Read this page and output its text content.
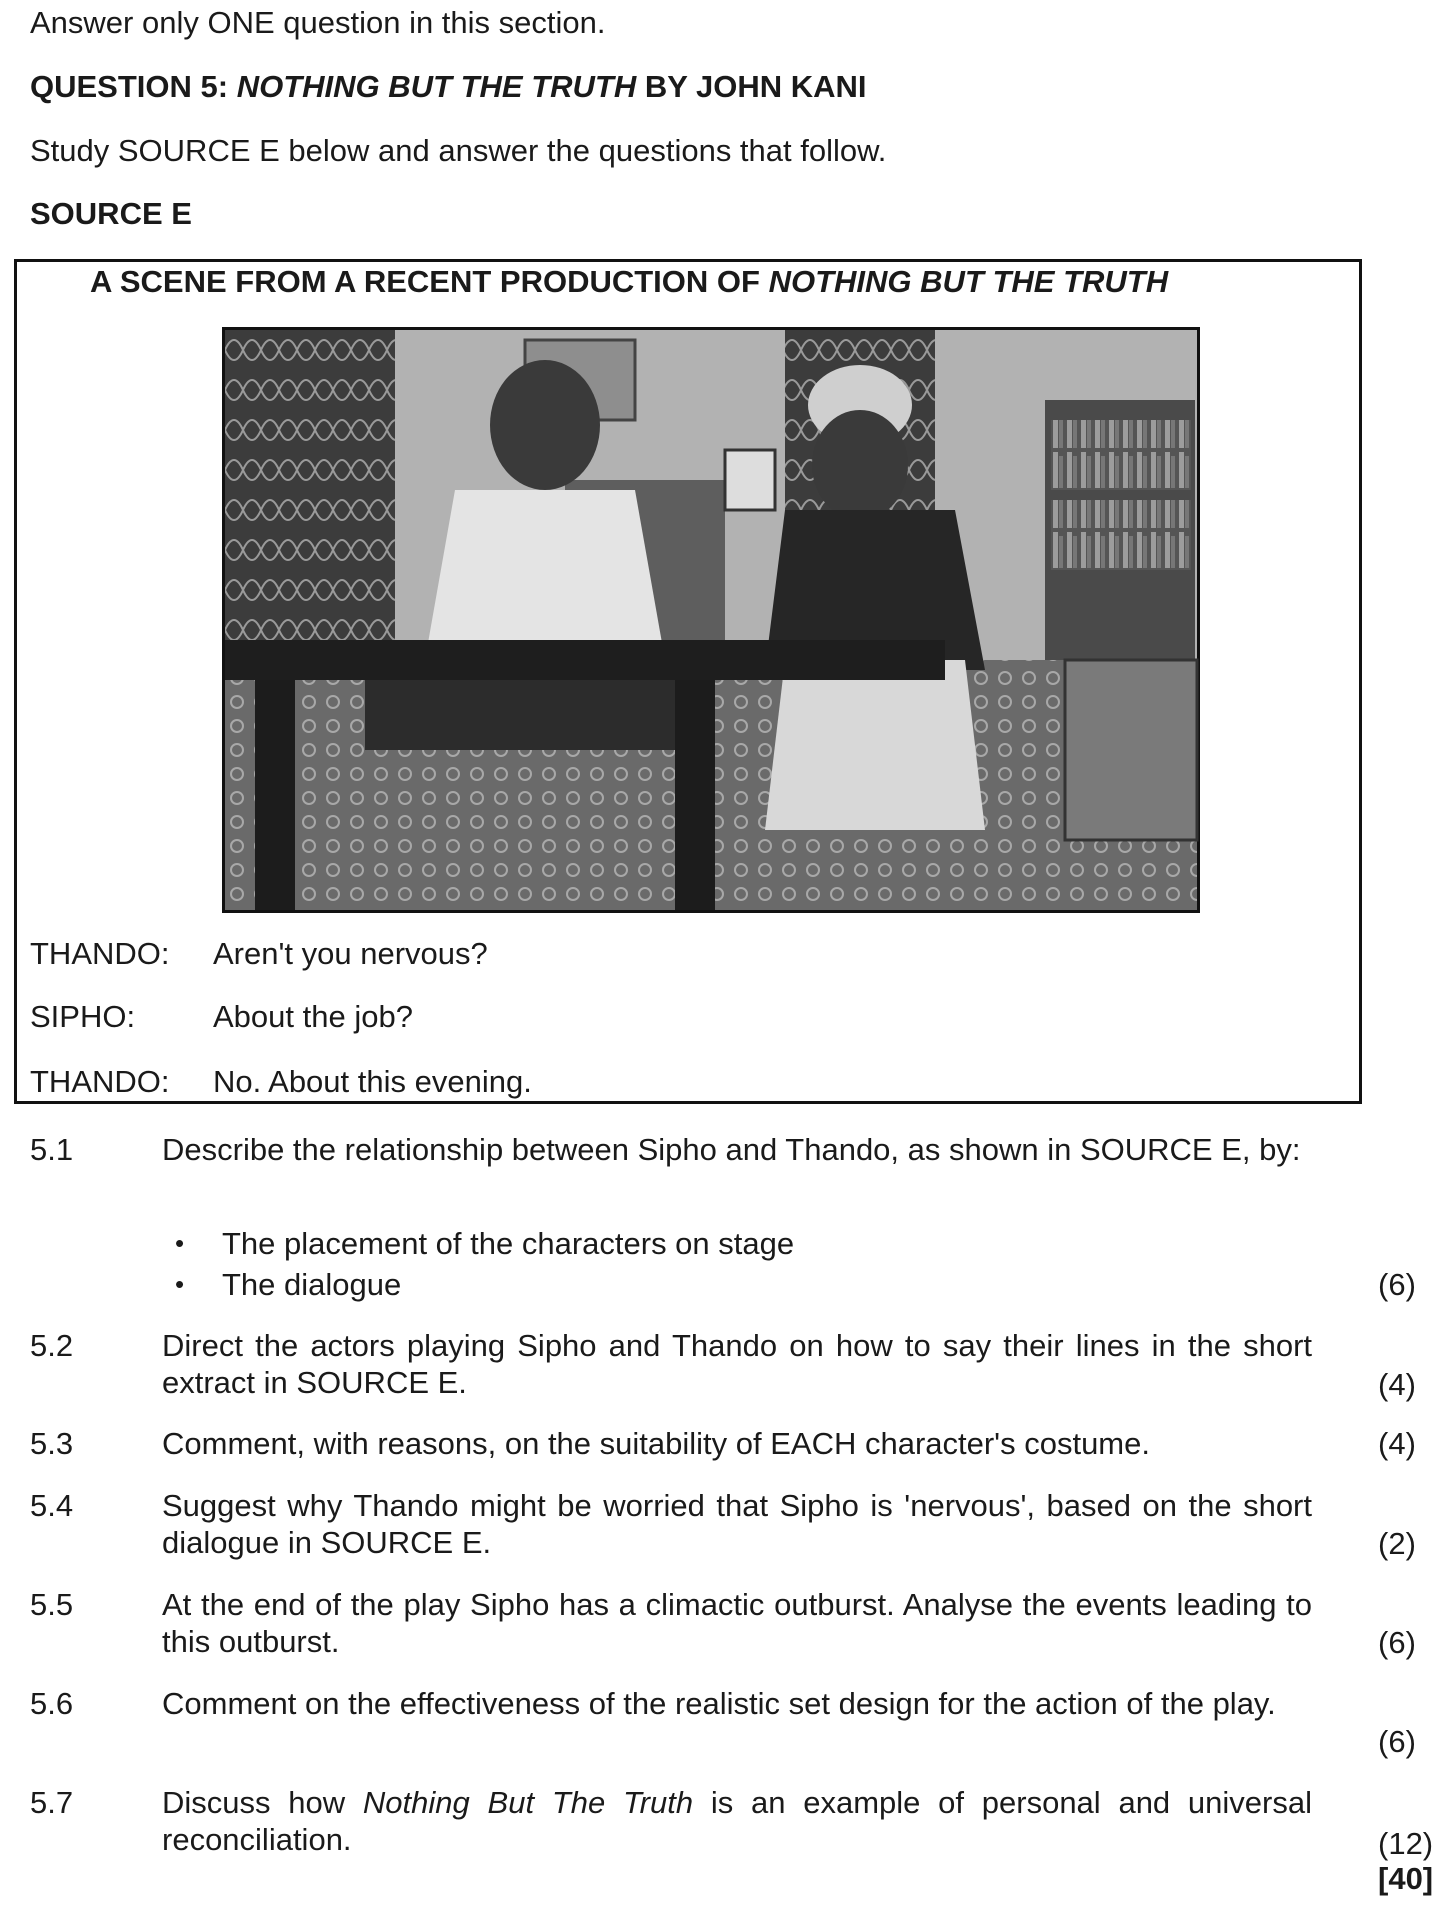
Answer only ONE question in this section.
QUESTION 5: NOTHING BUT THE TRUTH BY JOHN KANI
Study SOURCE E below and answer the questions that follow.
SOURCE E
A SCENE FROM A RECENT PRODUCTION OF NOTHING BUT THE TRUTH
THANDO: Aren't you nervous?
SIPHO:	About the job?
THANDO: No. About this evening.
5.1	Describe the relationship between Sipho and Thando, as shown in SOURCE E, by:
• The placement of the characters on stage
• The dialogue	(6)
5.2	Direct the actors playing Sipho and Thando on how to say their lines in the short extract in SOURCE E.	(4)
5.3	Comment, with reasons, on the suitability of EACH character's costume.	(4)
5.4	Suggest why Thando might be worried that Sipho is 'nervous', based on the short dialogue in SOURCE E.	(2)
5.5	At the end of the play Sipho has a climactic outburst. Analyse the events leading to this outburst.	(6)
5.6	Comment on the effectiveness of the realistic set design for the action of the play.
(6)
5.7	Discuss how Nothing But The Truth is an example of personal and universal reconciliation.	(12)
[40]
